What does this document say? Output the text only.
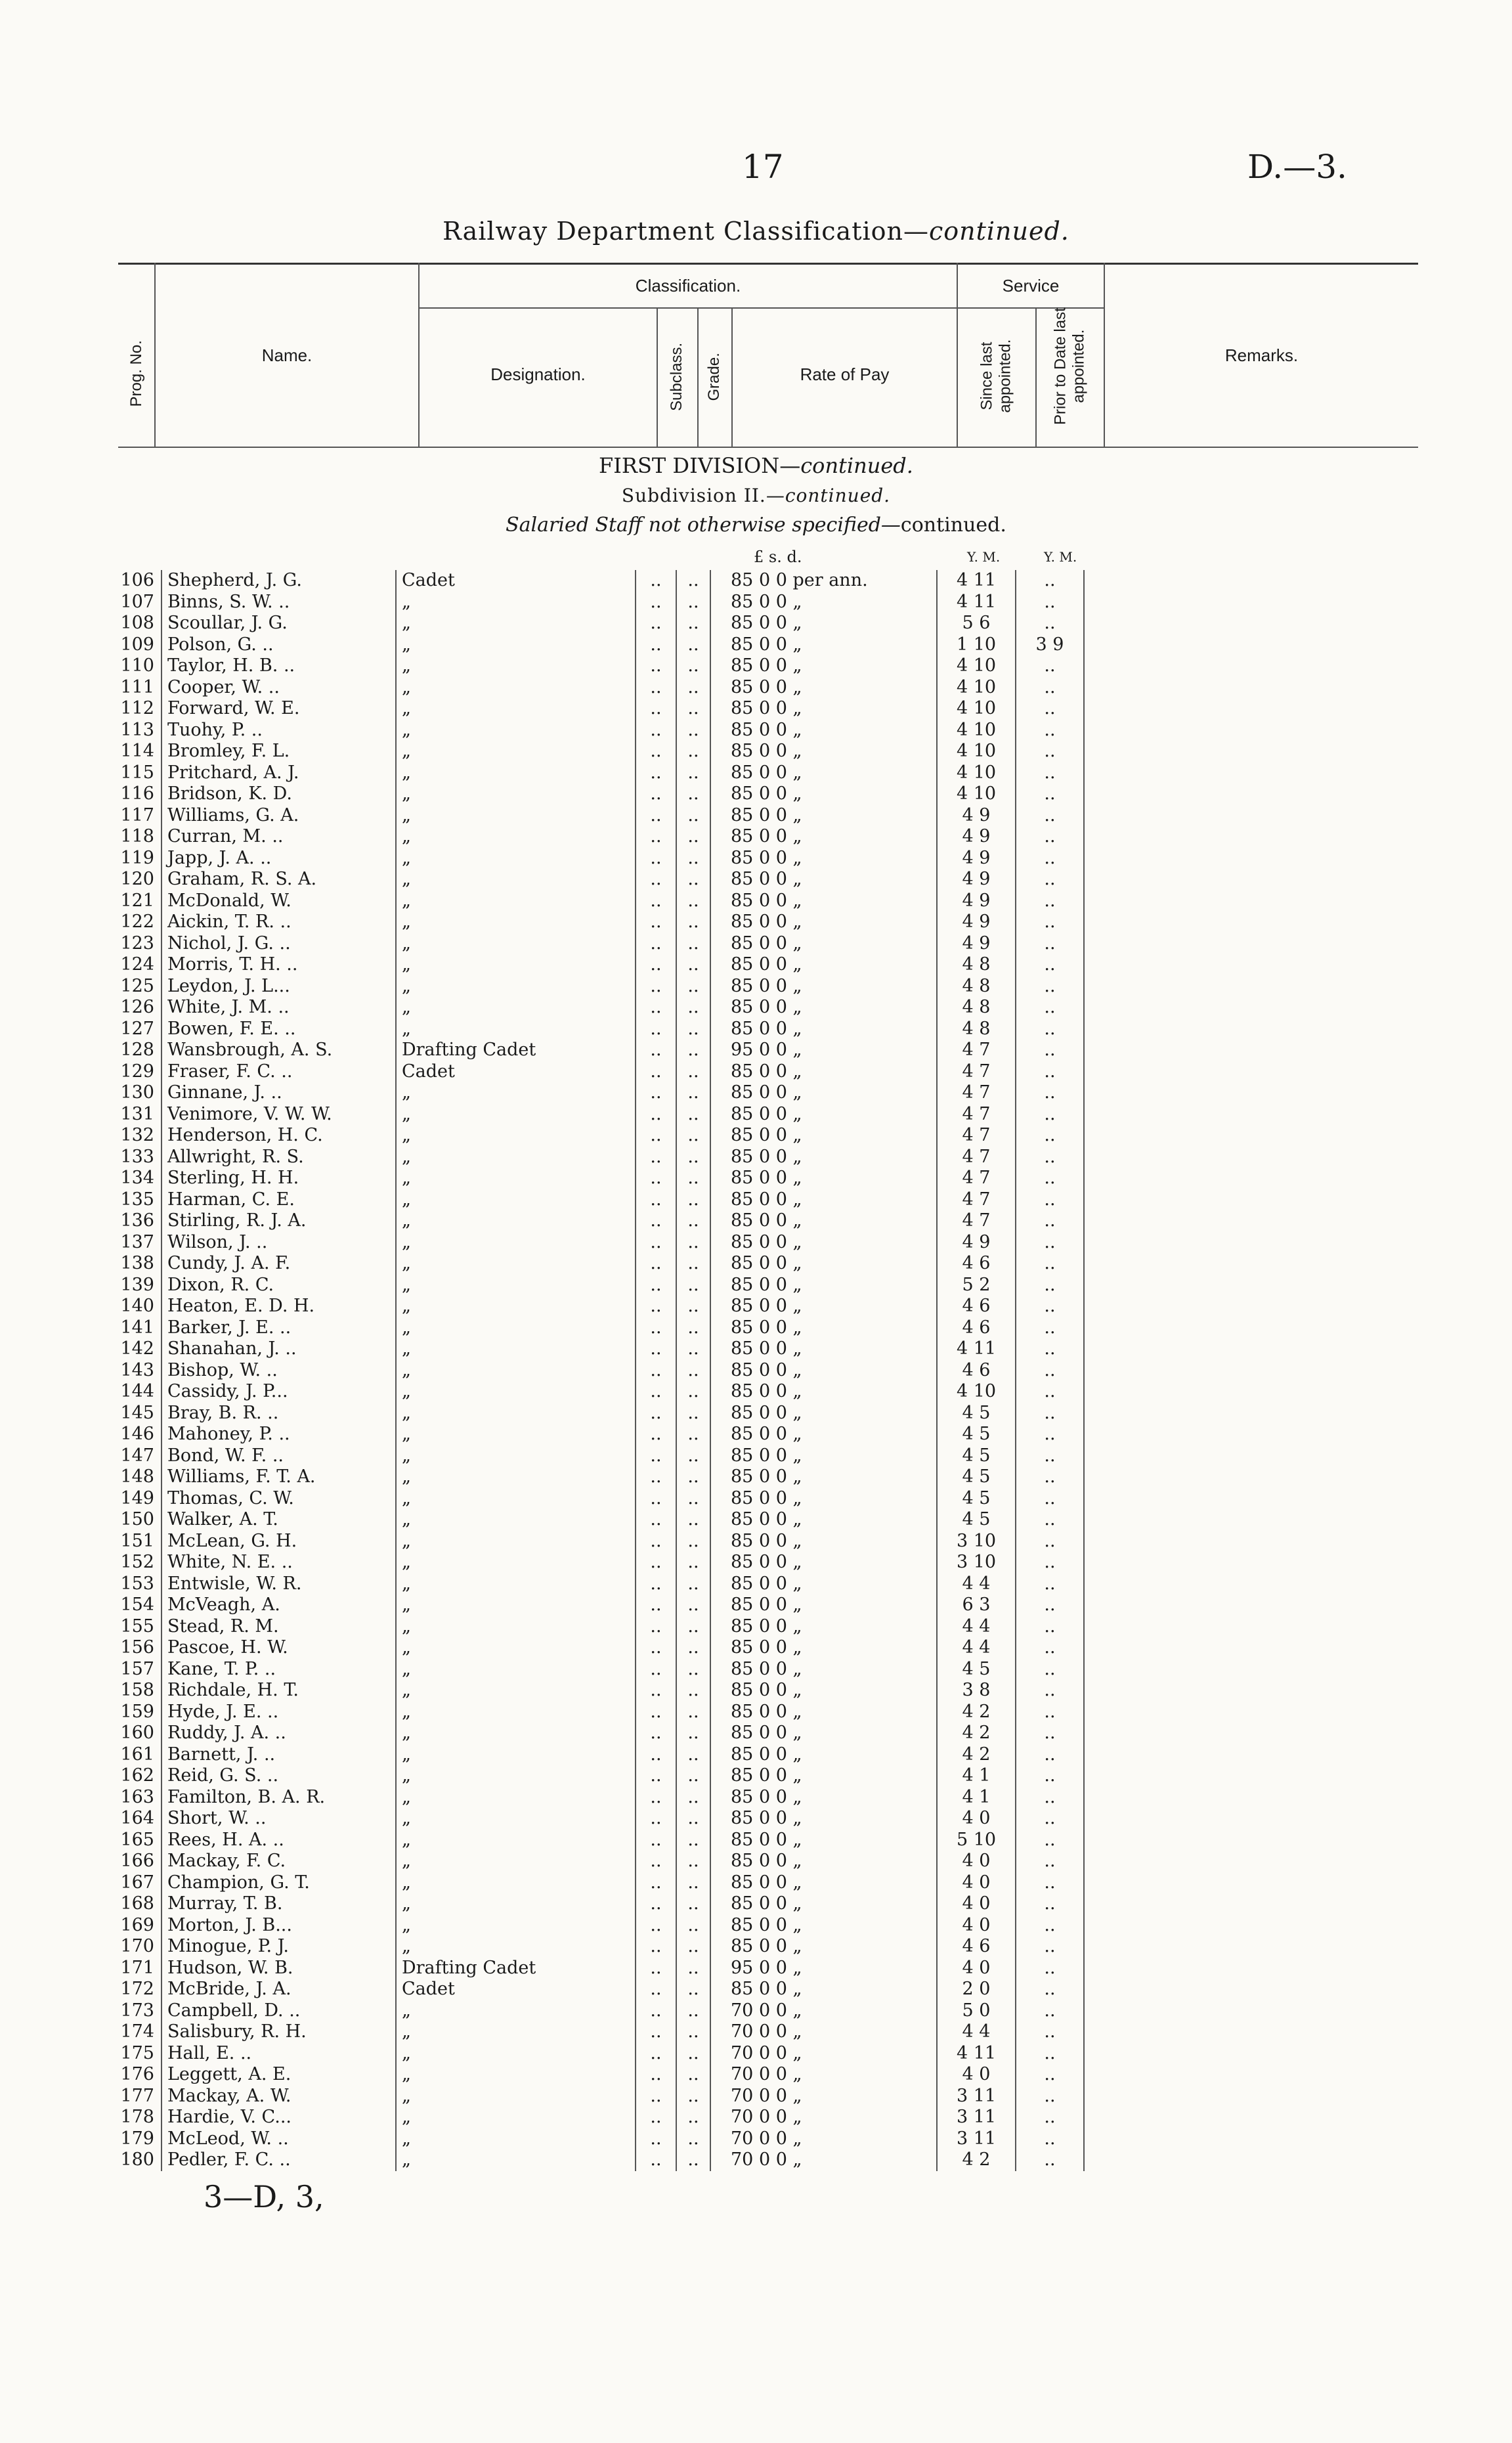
17	D.—3.
Railway Department Classification—continued.
Prog. No.	Name.
Classification.	Service
Designation.	Subclass. Grade.	Rate of Pay	Since last appointed. Prior to Date last appointed.	Remarks.
FIRST DIVISION—continued.
Subdivision II.—continued.
Salaried Staff not otherwise specified—continued.
£ s. d.	Y. M.	Y. M.
106	Shepherd, J. G.	Cadet	..	..	85 0 0 per ann.	4 11	..	
107	Binns, S. W. ..	„	..	..	85 0 0 „	4 11	..	
108	Scoullar, J. G.	„	..	..	85 0 0 „	5 6	..	
109	Polson, G. ..	„	..	..	85 0 0 „	1 10	3 9	
110	Taylor, H. B. ..	„	..	..	85 0 0 „	4 10	..	
111	Cooper, W. ..	„	..	..	85 0 0 „	4 10	..	
112	Forward, W. E.	„	..	..	85 0 0 „	4 10	..	
113	Tuohy, P. ..	„	..	..	85 0 0 „	4 10	..	
114	Bromley, F. L.	„	..	..	85 0 0 „	4 10	..	
115	Pritchard, A. J.	„	..	..	85 0 0 „	4 10	..	
116	Bridson, K. D.	„	..	..	85 0 0 „	4 10	..	
117	Williams, G. A.	„	..	..	85 0 0 „	4 9	..	
118	Curran, M. ..	„	..	..	85 0 0 „	4 9	..	
119	Japp, J. A. ..	„	..	..	85 0 0 „	4 9	..	
120	Graham, R. S. A.	„	..	..	85 0 0 „	4 9	..	
121	McDonald, W.	„	..	..	85 0 0 „	4 9	..	
122	Aickin, T. R. ..	„	..	..	85 0 0 „	4 9	..	
123	Nichol, J. G. ..	„	..	..	85 0 0 „	4 9	..	
124	Morris, T. H. ..	„	..	..	85 0 0 „	4 8	..	
125	Leydon, J. L...	„	..	..	85 0 0 „	4 8	..	
126	White, J. M. ..	„	..	..	85 0 0 „	4 8	..	
127	Bowen, F. E. ..	„	..	..	85 0 0 „	4 8	..	
128	Wansbrough, A. S.	Drafting Cadet	..	..	95 0 0 „	4 7	..	
129	Fraser, F. C. ..	Cadet	..	..	85 0 0 „	4 7	..	
130	Ginnane, J. ..	„	..	..	85 0 0 „	4 7	..	
131	Venimore, V. W. W.	„	..	..	85 0 0 „	4 7	..	
132	Henderson, H. C.	„	..	..	85 0 0 „	4 7	..	
133	Allwright, R. S.	„	..	..	85 0 0 „	4 7	..	
134	Sterling, H. H.	„	..	..	85 0 0 „	4 7	..	
135	Harman, C. E.	„	..	..	85 0 0 „	4 7	..	
136	Stirling, R. J. A.	„	..	..	85 0 0 „	4 7	..	
137	Wilson, J. ..	„	..	..	85 0 0 „	4 9	..	
138	Cundy, J. A. F.	„	..	..	85 0 0 „	4 6	..	
139	Dixon, R. C.	„	..	..	85 0 0 „	5 2	..	
140	Heaton, E. D. H.	„	..	..	85 0 0 „	4 6	..	
141	Barker, J. E. ..	„	..	..	85 0 0 „	4 6	..	
142	Shanahan, J. ..	„	..	..	85 0 0 „	4 11	..	
143	Bishop, W. ..	„	..	..	85 0 0 „	4 6	..	
144	Cassidy, J. P...	„	..	..	85 0 0 „	4 10	..	
145	Bray, B. R. ..	„	..	..	85 0 0 „	4 5	..	
146	Mahoney, P. ..	„	..	..	85 0 0 „	4 5	..	
147	Bond, W. F. ..	„	..	..	85 0 0 „	4 5	..	
148	Williams, F. T. A.	„	..	..	85 0 0 „	4 5	..	
149	Thomas, C. W.	„	..	..	85 0 0 „	4 5	..	
150	Walker, A. T.	„	..	..	85 0 0 „	4 5	..	
151	McLean, G. H.	„	..	..	85 0 0 „	3 10	..	
152	White, N. E. ..	„	..	..	85 0 0 „	3 10	..	
153	Entwisle, W. R.	„	..	..	85 0 0 „	4 4	..	
154	McVeagh, A.	„	..	..	85 0 0 „	6 3	..	
155	Stead, R. M.	„	..	..	85 0 0 „	4 4	..	
156	Pascoe, H. W.	„	..	..	85 0 0 „	4 4	..	
157	Kane, T. P. ..	„	..	..	85 0 0 „	4 5	..	
158	Richdale, H. T.	„	..	..	85 0 0 „	3 8	..	
159	Hyde, J. E. ..	„	..	..	85 0 0 „	4 2	..	
160	Ruddy, J. A. ..	„	..	..	85 0 0 „	4 2	..	
161	Barnett, J. ..	„	..	..	85 0 0 „	4 2	..	
162	Reid, G. S. ..	„	..	..	85 0 0 „	4 1	..	
163	Familton, B. A. R.	„	..	..	85 0 0 „	4 1	..	
164	Short, W. ..	„	..	..	85 0 0 „	4 0	..	
165	Rees, H. A. ..	„	..	..	85 0 0 „	5 10	..	
166	Mackay, F. C.	„	..	..	85 0 0 „	4 0	..	
167	Champion, G. T.	„	..	..	85 0 0 „	4 0	..	
168	Murray, T. B.	„	..	..	85 0 0 „	4 0	..	
169	Morton, J. B...	„	..	..	85 0 0 „	4 0	..	
170	Minogue, P. J.	„	..	..	85 0 0 „	4 6	..	
171	Hudson, W. B.	Drafting Cadet	..	..	95 0 0 „	4 0	..	
172	McBride, J. A.	Cadet	..	..	85 0 0 „	2 0	..	
173	Campbell, D. ..	„	..	..	70 0 0 „	5 0	..	
174	Salisbury, R. H.	„	..	..	70 0 0 „	4 4	..	
175	Hall, E. ..	„	..	..	70 0 0 „	4 11	..	
176	Leggett, A. E.	„	..	..	70 0 0 „	4 0	..	
177	Mackay, A. W.	„	..	..	70 0 0 „	3 11	..	
178	Hardie, V. C...	„	..	..	70 0 0 „	3 11	..	
179	McLeod, W. ..	„	..	..	70 0 0 „	3 11	..	
180	Pedler, F. C. ..	„	..	..	70 0 0 „	4 2	..	
3—D, 3,
